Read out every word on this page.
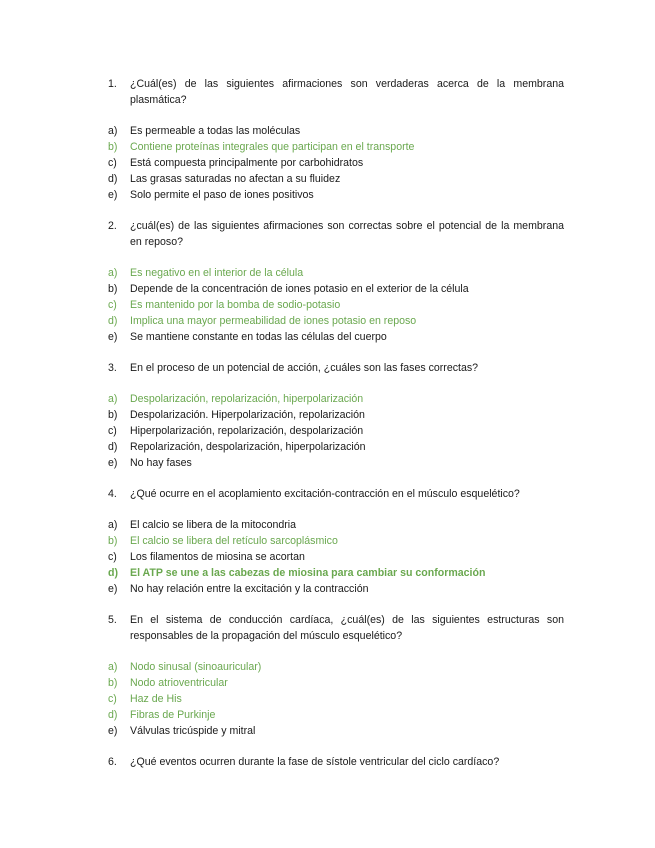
1.	¿Cuál(es) de las siguientes afirmaciones son verdaderas acerca de la membrana plasmática?
a)	Es permeable a todas las moléculas
b)	Contiene proteínas integrales que participan en el transporte
c)	Está compuesta principalmente por carbohidratos
d)	Las grasas saturadas no afectan a su fluidez
e)	Solo permite el paso de iones positivos
2.	¿cuál(es) de las siguientes afirmaciones son correctas sobre el potencial de la membrana en reposo?
a)	Es negativo en el interior de la célula
b)	Depende de la concentración de iones potasio en el exterior de la célula
c)	Es mantenido por la bomba de sodio-potasio
d)	Implica una mayor permeabilidad de iones potasio en reposo
e)	Se mantiene constante en todas las células del cuerpo
3.	En el proceso de un potencial de acción, ¿cuáles son las fases correctas?
a)	Despolarización, repolarización, hiperpolarización
b)	Despolarización. Hiperpolarización, repolarización
c)	Hiperpolarización, repolarización, despolarización
d)	Repolarización, despolarización, hiperpolarización
e)	No hay fases
4.	¿Qué ocurre en el acoplamiento excitación-contracción en el músculo esquelético?
a)	El calcio se libera de la mitocondria
b)	El calcio se libera del retículo sarcoplásmico
c)	Los filamentos de miosina se acortan
d)	El ATP se une a las cabezas de miosina para cambiar su conformación
e)	No hay relación entre la excitación y la contracción
5.	En el sistema de conducción cardíaca, ¿cuál(es) de las siguientes estructuras son responsables de la propagación del músculo esquelético?
a)	Nodo sinusal (sinoauricular)
b)	Nodo atrioventricular
c)	Haz de His
d)	Fibras de Purkinje
e)	Válvulas tricúspide y mitral
6.	¿Qué eventos ocurren durante la fase de sístole ventricular del ciclo cardíaco?
